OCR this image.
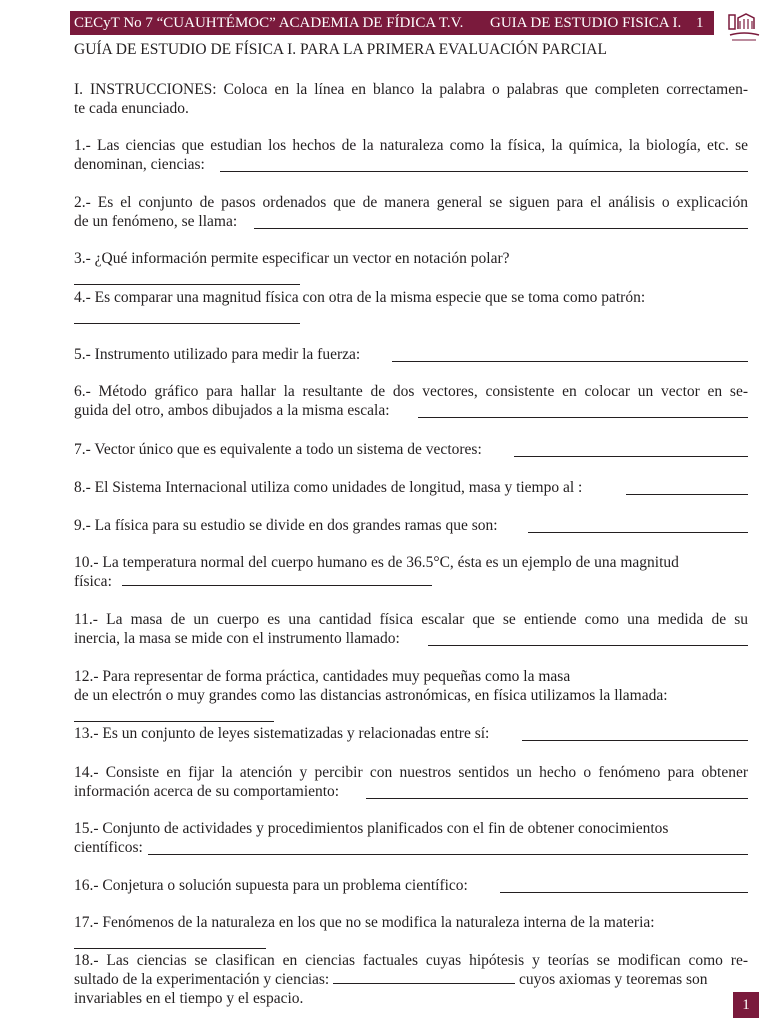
CECyT No 7 “CUAUHTÉMOC” ACADEMIA DE FÍDICA T.V. GUIA DE ESTUDIO FISICA I. 1
GUÍA DE ESTUDIO DE FÍSICA I. PARA LA PRIMERA EVALUACIÓN PARCIAL
I. INSTRUCCIONES: Coloca en la línea en blanco la palabra o palabras que completen correctamen-
te cada enunciado.
1.- Las ciencias que estudian los hechos de la naturaleza como la física, la química, la biología, etc. se
denominan, ciencias:
2.- Es el conjunto de pasos ordenados que de manera general se siguen para el análisis o explicación
de un fenómeno, se llama:
3.- ¿Qué información permite especificar un vector en notación polar?
4.- Es comparar una magnitud física con otra de la misma especie que se toma como patrón:
5.- Instrumento utilizado para medir la fuerza:
6.- Método gráfico para hallar la resultante de dos vectores, consistente en colocar un vector en se-
guida del otro, ambos dibujados a la misma escala:
7.- Vector único que es equivalente a todo un sistema de vectores:
8.- El Sistema Internacional utiliza como unidades de longitud, masa y tiempo al :
9.- La física para su estudio se divide en dos grandes ramas que son:
10.- La temperatura normal del cuerpo humano es de 36.5°C, ésta es un ejemplo de una magnitud
física:
11.- La masa de un cuerpo es una cantidad física escalar que se entiende como una medida de su
inercia, la masa se mide con el instrumento llamado:
12.- Para representar de forma práctica, cantidades muy pequeñas como la masa
de un electrón o muy grandes como las distancias astronómicas, en física utilizamos la llamada:
13.- Es un conjunto de leyes sistematizadas y relacionadas entre sí:
14.- Consiste en fijar la atención y percibir con nuestros sentidos un hecho o fenómeno para obtener
información acerca de su comportamiento:
15.- Conjunto de actividades y procedimientos planificados con el fin de obtener conocimientos
científicos:
16.- Conjetura o solución supuesta para un problema científico:
17.- Fenómenos de la naturaleza en los que no se modifica la naturaleza interna de la materia:
18.- Las ciencias se clasifican en ciencias factuales cuyas hipótesis y teorías se modifican como re-
sultado de la experimentación y ciencias:	cuyos axiomas y teoremas son
invariables en el tiempo y el espacio.	1
